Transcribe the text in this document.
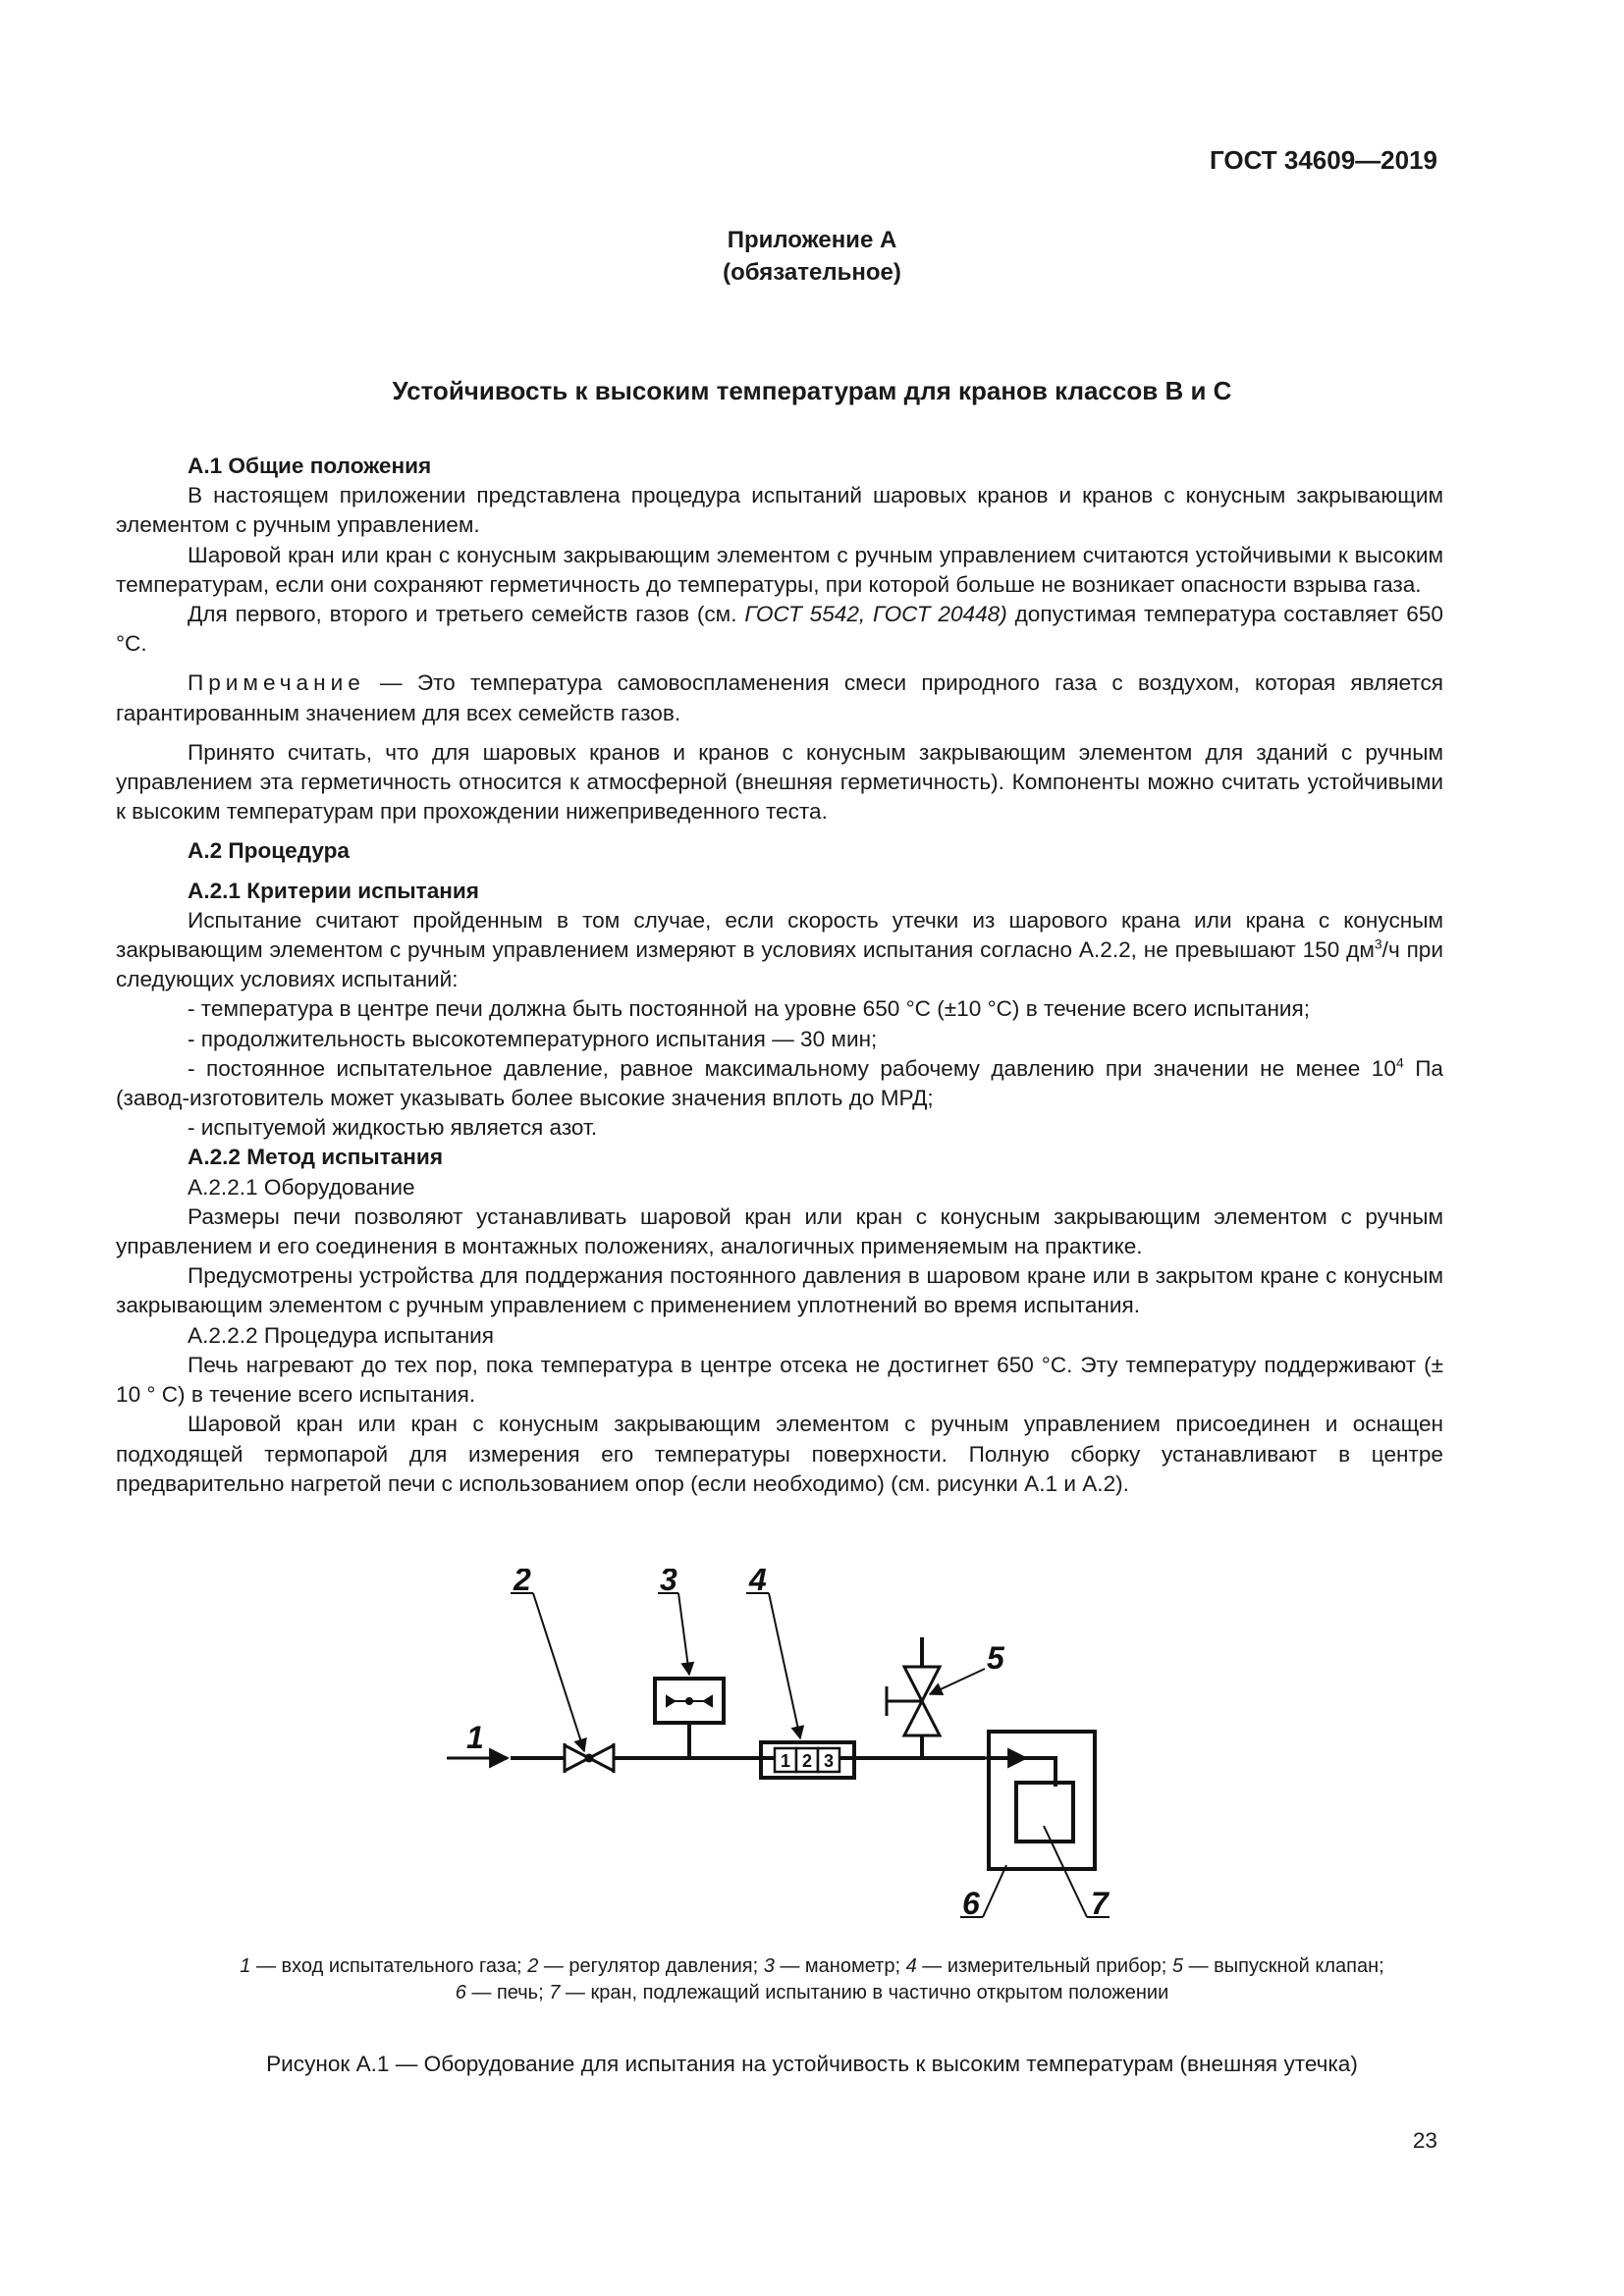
ГОСТ 34609—2019
Приложение А
(обязательное)
Устойчивость к высоким температурам для кранов классов В и С

А.1 Общие положения

В настоящем приложении представлена процедура испытаний шаровых кранов и кранов с конусным закрывающим элементом с ручным управлением.

Шаровой кран или кран с конусным закрывающим элементом с ручным управлением считаются устойчивыми к высоким температурам, если они сохраняют герметичность до температуры, при которой больше не возникает опасности взрыва газа.

Для первого, второго и третьего семейств газов (см. ГОСТ 5542, ГОСТ 20448) допустимая температура составляет 650 °С.

Примечание — Это температура самовоспламенения смеси природного газа с воздухом, которая является гарантированным значением для всех семейств газов.

Принято считать, что для шаровых кранов и кранов с конусным закрывающим элементом для зданий с ручным управлением эта герметичность относится к атмосферной (внешняя герметичность). Компоненты можно считать устойчивыми к высоким температурам при прохождении нижеприведенного теста.

А.2 Процедура

А.2.1 Критерии испытания

Испытание считают пройденным в том случае, если скорость утечки из шарового крана или крана с конусным закрывающим элементом с ручным управлением измеряют в условиях испытания согласно А.2.2, не превышают 150 $дм^3/ч$ при следующих условиях испытаний:

- температура в центре печи должна быть постоянной на уровне 650 °С (±10 °С) в течение всего испытания;

- продолжительность высокотемпературного испытания — 30 мин;

- постоянное испытательное давление, равное максимальному рабочему давлению при значении не менее $10^4$ Па (завод-изготовитель может указывать более высокие значения вплоть до МРД;

- испытуемой жидкостью является азот.

А.2.2 Метод испытания

А.2.2.1 Оборудование

Размеры печи позволяют устанавливать шаровой кран или кран с конусным закрывающим элементом с ручным управлением и его соединения в монтажных положениях, аналогичных применяемым на практике.

Предусмотрены устройства для поддержания постоянного давления в шаровом кране или в закрытом кране с конусным закрывающим элементом с ручным управлением с применением уплотнений во время испытания.

А.2.2.2 Процедура испытания

Печь нагревают до тех пор, пока температура в центре отсека не достигнет 650 °С. Эту температуру поддерживают (± 10 ° С) в течение всего испытания.

Шаровой кран или кран с конусным закрывающим элементом с ручным управлением присоединен и оснащен подходящей термопарой для измерения его температуры поверхности. Полную сборку устанавливают в центре предварительно нагретой печи с использованием опор (если необходимо) (см. рисунки А.1 и А.2).

1 2 3
1
2	3 4
5
6	7
1 — вход испытательного газа; 2 — регулятор давления; 3 — манометр; 4 — измерительный прибор; 5 — выпускной клапан;
6 — печь; 7 — кран, подлежащий испытанию в частично открытом положении
Рисунок А.1 — Оборудование для испытания на устойчивость к высоким температурам (внешняя утечка)
23
